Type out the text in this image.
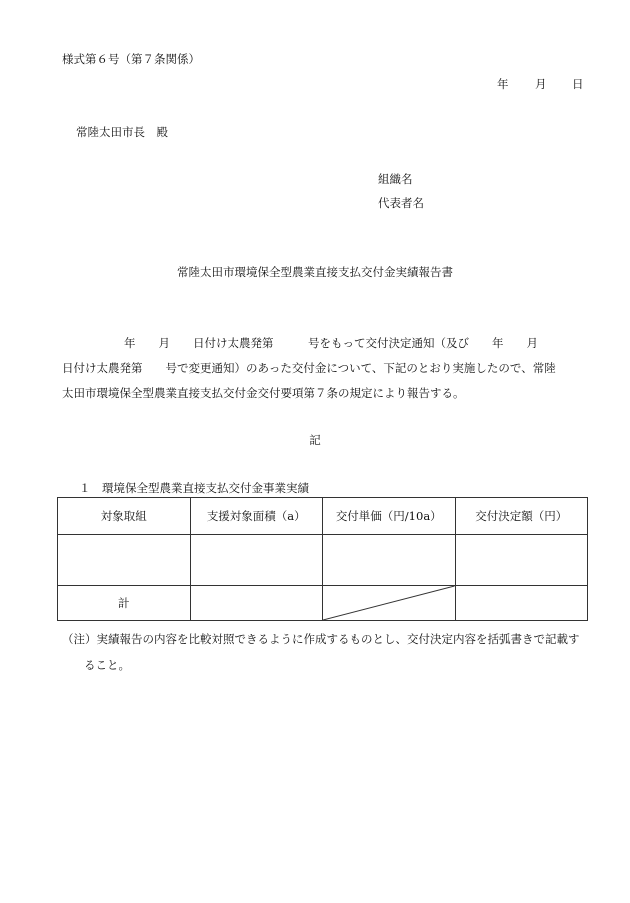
様式第６号（第７条関係）
年 月 日
常陸太田市長　殿
組織名
代表者名
常陸太田市環境保全型農業直接支払交付金実績報告書
年　　月　　日付け太農発第　　　号をもって交付決定通知（及び　　年　　月
日付け太農発第　　号で変更通知）のあった交付金について、下記のとおり実施したので、常陸
太田市環境保全型農業直接支払交付金交付要項第７条の規定により報告する。
記
１　環境保全型農業直接支払交付金事業実績
対象取組	支援対象面積（a）	交付単価（円/10a）	交付決定額（円）

計		

（注）実績報告の内容を比較対照できるように作成するものとし、交付決定内容を括弧書きで記載す
ること。
